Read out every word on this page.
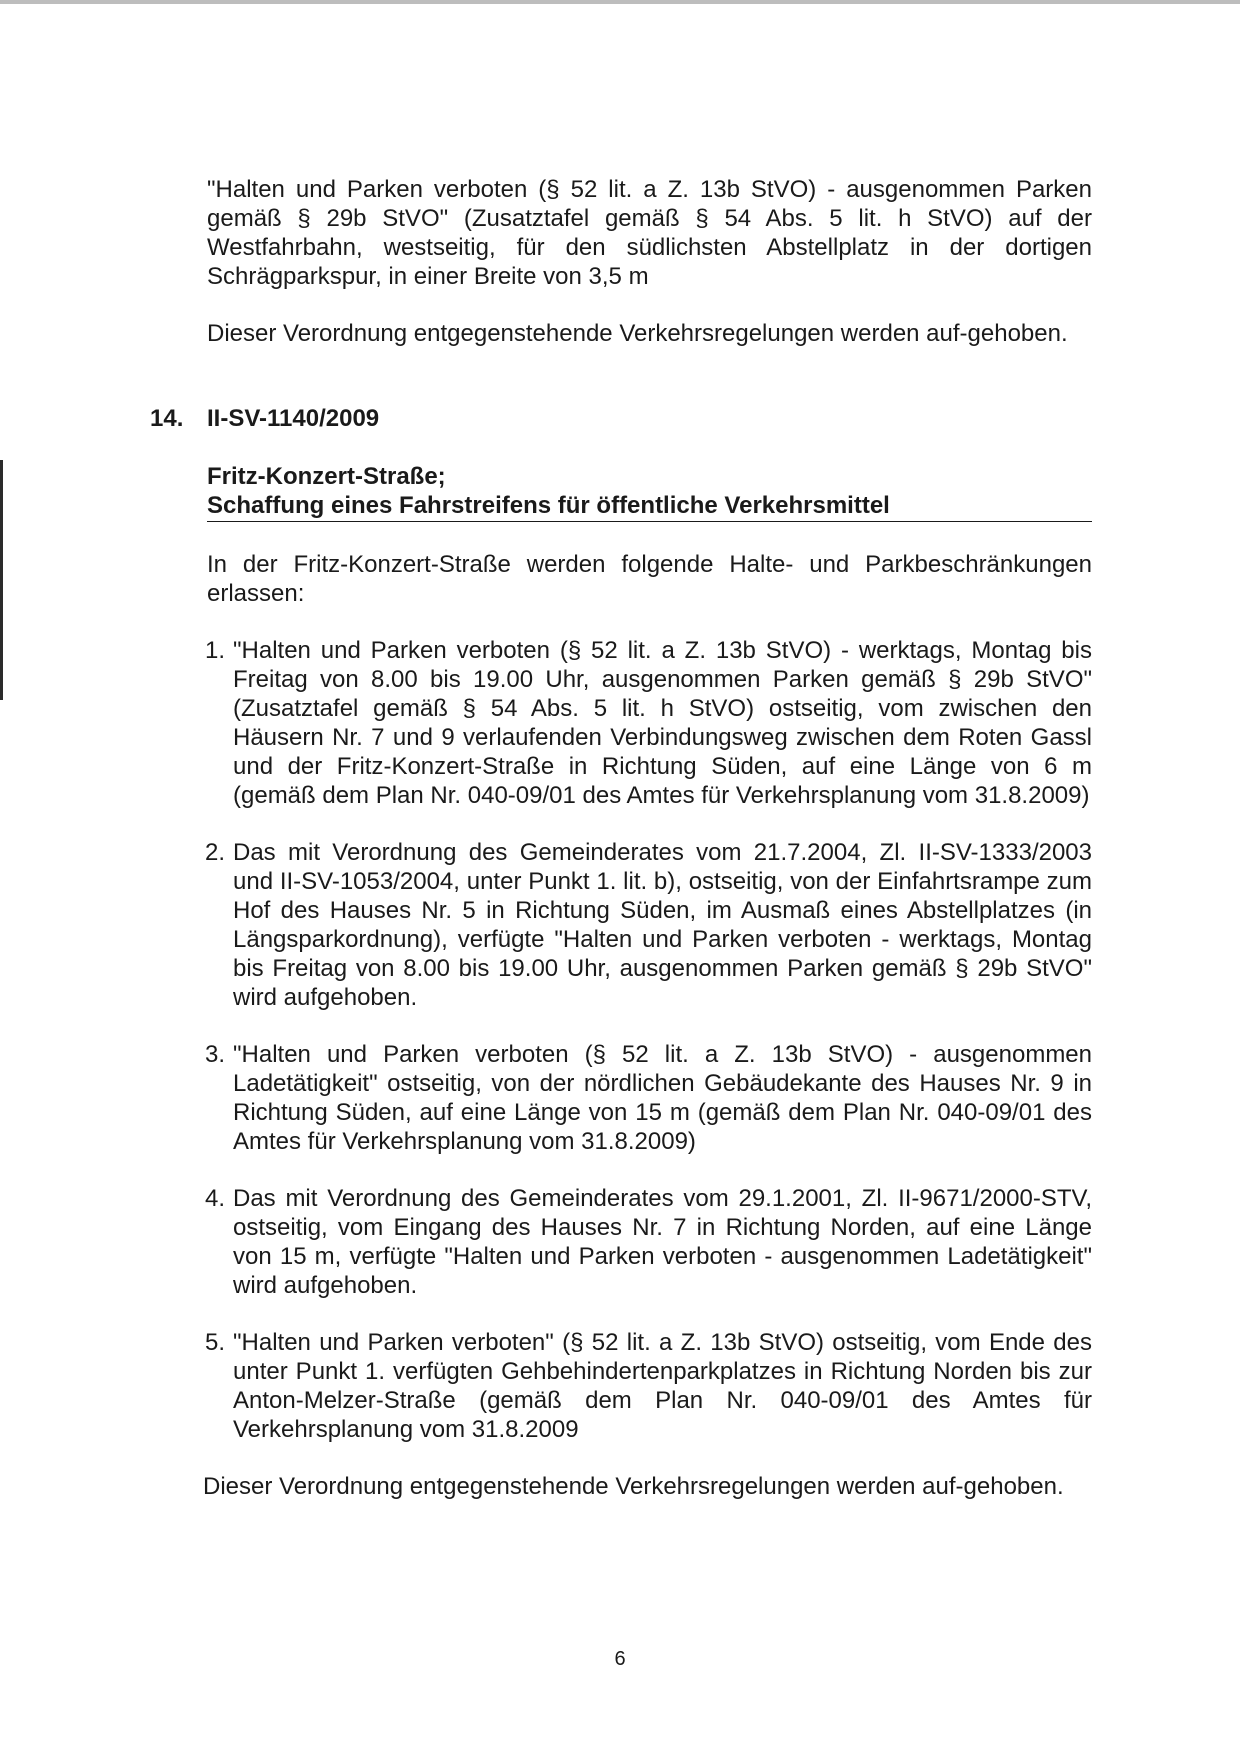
"Halten und Parken verboten (§ 52 lit. a Z. 13b StVO) - ausgenommen Parken gemäß § 29b StVO" (Zusatztafel gemäß § 54 Abs. 5 lit. h StVO) auf der Westfahrbahn, westseitig, für den südlichsten Abstellplatz in der dortigen Schrägparkspur, in einer Breite von 3,5 m

Dieser Verordnung entgegenstehende Verkehrsregelungen werden auf-gehoben.

14. II-SV-1140/2009
Fritz-Konzert-Straße;
Schaffung eines Fahrstreifens für öffentliche Verkehrsmittel

In der Fritz-Konzert-Straße werden folgende Halte- und Parkbeschränkungen erlassen:

1. "Halten und Parken verboten (§ 52 lit. a Z. 13b StVO) - werktags, Montag bis Freitag von 8.00 bis 19.00 Uhr, ausgenommen Parken gemäß § 29b StVO" (Zusatztafel gemäß § 54 Abs. 5 lit. h StVO) ostseitig, vom zwischen den Häusern Nr. 7 und 9 verlaufenden Verbindungsweg zwischen dem Roten Gassl und der Fritz-Konzert-Straße in Richtung Süden, auf eine Länge von 6 m (gemäß dem Plan Nr. 040-09/01 des Amtes für Verkehrsplanung vom 31.8.2009)
2. Das mit Verordnung des Gemeinderates vom 21.7.2004, Zl. II-SV-1333/2003 und II-SV-1053/2004, unter Punkt 1. lit. b), ostseitig, von der Einfahrtsrampe zum Hof des Hauses Nr. 5 in Richtung Süden, im Ausmaß eines Abstellplatzes (in Längsparkordnung), verfügte "Halten und Parken verboten - werktags, Montag bis Freitag von 8.00 bis 19.00 Uhr, ausgenommen Parken gemäß § 29b StVO" wird aufgehoben.
3. "Halten und Parken verboten (§ 52 lit. a Z. 13b StVO) - ausgenommen Ladetätigkeit" ostseitig, von der nördlichen Gebäudekante des Hauses Nr. 9 in Richtung Süden, auf eine Länge von 15 m (gemäß dem Plan Nr. 040-09/01 des Amtes für Verkehrsplanung vom 31.8.2009)
4. Das mit Verordnung des Gemeinderates vom 29.1.2001, Zl. II-9671/2000-STV, ostseitig, vom Eingang des Hauses Nr. 7 in Richtung Norden, auf eine Länge von 15 m, verfügte "Halten und Parken verboten - ausgenommen Ladetätigkeit" wird aufgehoben.
5. "Halten und Parken verboten" (§ 52 lit. a Z. 13b StVO) ostseitig, vom Ende des unter Punkt 1. verfügten Gehbehindertenparkplatzes in Richtung Norden bis zur Anton-Melzer-Straße (gemäß dem Plan Nr. 040-09/01 des Amtes für Verkehrsplanung vom 31.8.2009

Dieser Verordnung entgegenstehende Verkehrsregelungen werden auf-gehoben.

6
